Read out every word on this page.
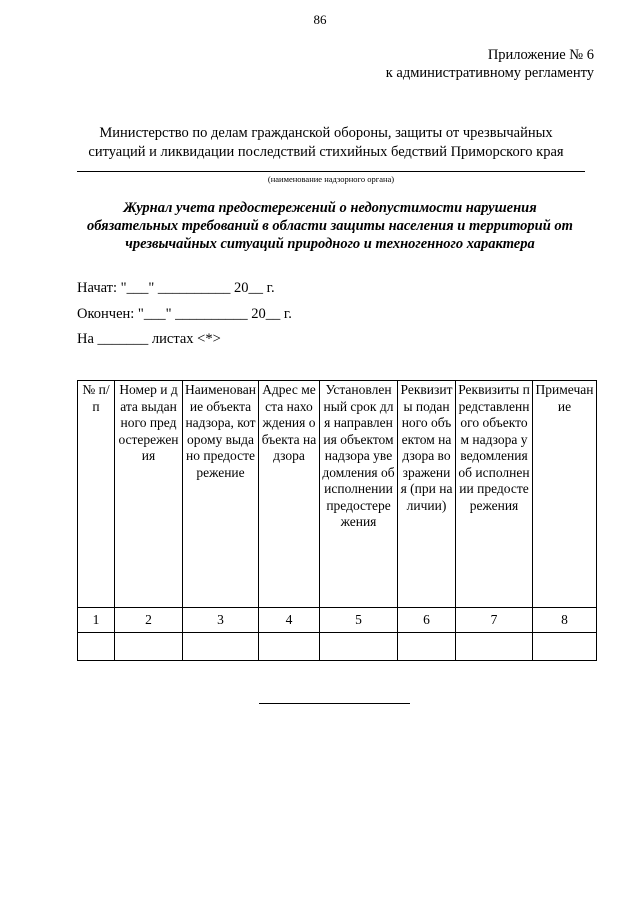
86
Приложение № 6
к административному регламенту
Министерство по делам гражданской обороны, защиты от чрезвычайных
ситуаций и ликвидации последствий стихийных бедствий Приморского края
(наименование надзорного органа)
Журнал учета предостережений о недопустимости нарушения
обязательных требований в области защиты населения и территорий от
чрезвычайных ситуаций природного и техногенного характера
Начат: "___" __________ 20__ г.
Окончен: "___" __________ 20__ г.
На _______ листах <*>
№ п/п	Номер и дата выданного предостережения	Наименование объекта надзора, которому выдано предостережение	Адрес места нахождения объекта надзора	Установленный срок для направления объектом надзора уведомления об исполнении предостережения	Реквизиты поданного объектом надзора возражения (при наличии)	Реквизиты представленного объектом надзора уведомления об исполнении предостережения	Примечание
1	2	3	4	5	6	7	8
